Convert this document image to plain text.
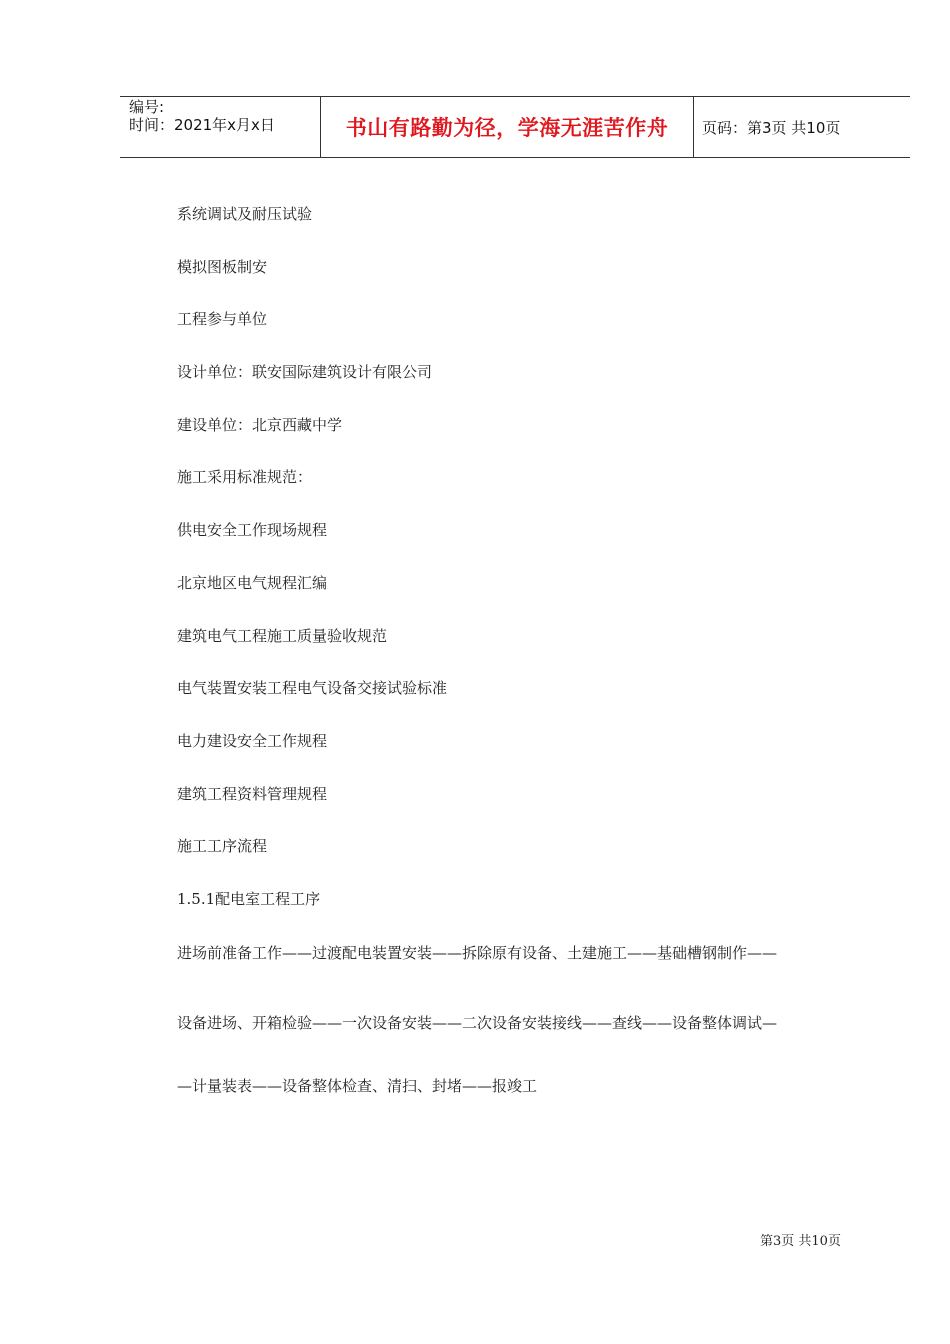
编号:
时间：2021年x月x日	书山有路勤为径，学海无涯苦作舟 页码：第3页 共10页
系统调试及耐压试验
模拟图板制安
工程参与单位
设计单位：联安国际建筑设计有限公司
建设单位：北京西藏中学
施工采用标准规范：
供电安全工作现场规程
北京地区电气规程汇编
建筑电气工程施工质量验收规范
电气装置安装工程电气设备交接试验标准
电力建设安全工作规程
建筑工程资料管理规程
施工工序流程
1.5.1配电室工程工序
进场前准备工作——过渡配电装置安装——拆除原有设备、土建施工——基础槽钢制作——
设备进场、开箱检验——一次设备安装——二次设备安装接线——查线——设备整体调试—
—计量装表——设备整体检查、清扫、封堵——报竣工
第3页 共10页
